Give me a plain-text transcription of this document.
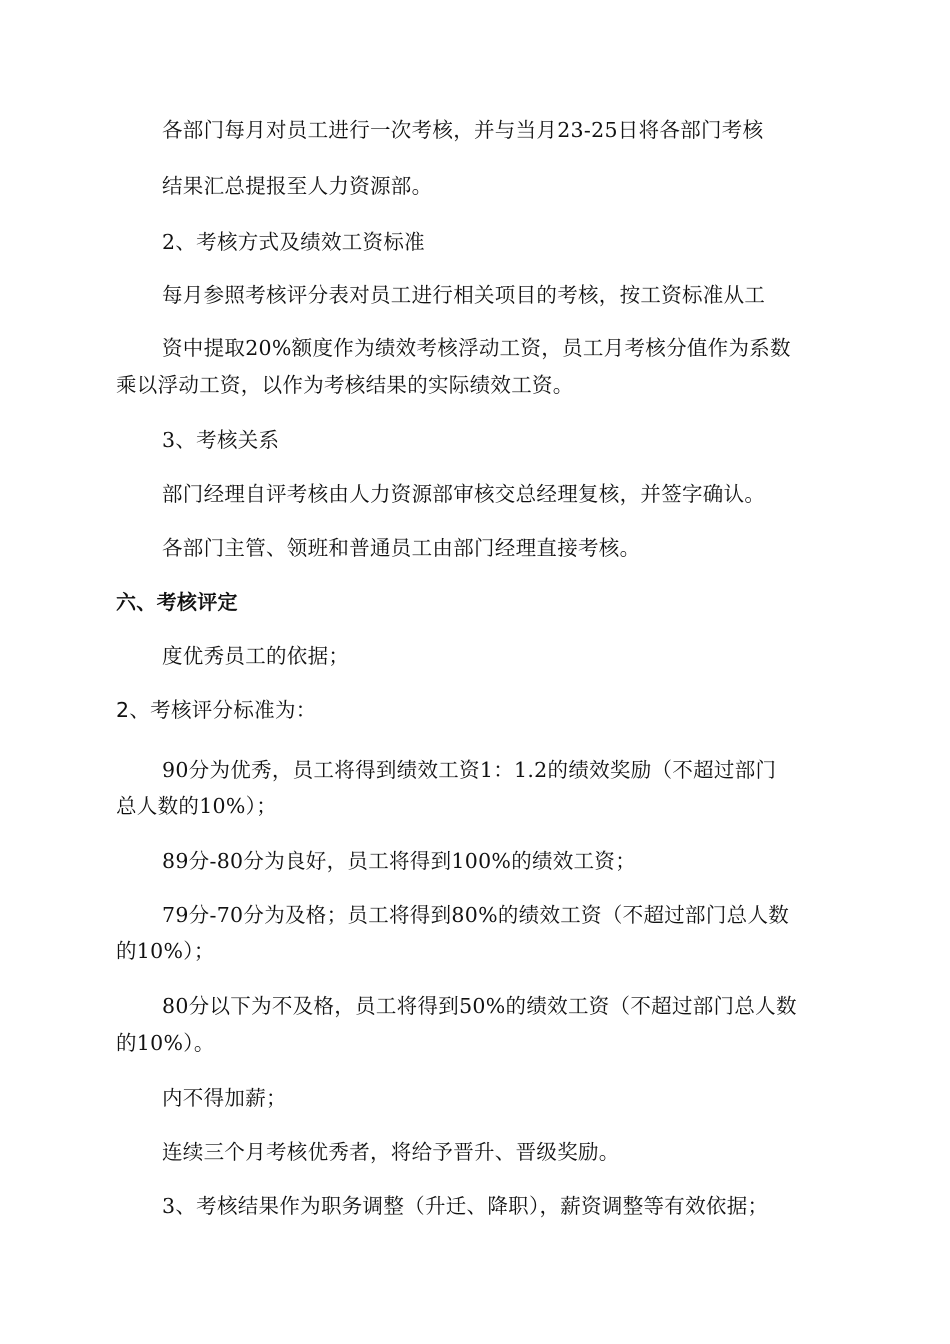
各部门每月对员工进行一次考核，并与当月23-25日将各部门考核
结果汇总提报至人力资源部。
2、考核方式及绩效工资标准
每月参照考核评分表对员工进行相关项目的考核，按工资标准从工
资中提取20%额度作为绩效考核浮动工资，员工月考核分值作为系数
乘以浮动工资，以作为考核结果的实际绩效工资。
3、考核关系
部门经理自评考核由人力资源部审核交总经理复核，并签字确认。
各部门主管、领班和普通员工由部门经理直接考核。
六、考核评定
度优秀员工的依据；
2、考核评分标准为：
90分为优秀，员工将得到绩效工资1：1.2的绩效奖励（不超过部门
总人数的10%）；
89分-80分为良好，员工将得到100%的绩效工资；
79分-70分为及格；员工将得到80%的绩效工资（不超过部门总人数
的10%）；
80分以下为不及格，员工将得到50%的绩效工资（不超过部门总人数
的10%）。
内不得加薪；
连续三个月考核优秀者，将给予晋升、晋级奖励。
3、考核结果作为职务调整（升迁、降职），薪资调整等有效依据；
